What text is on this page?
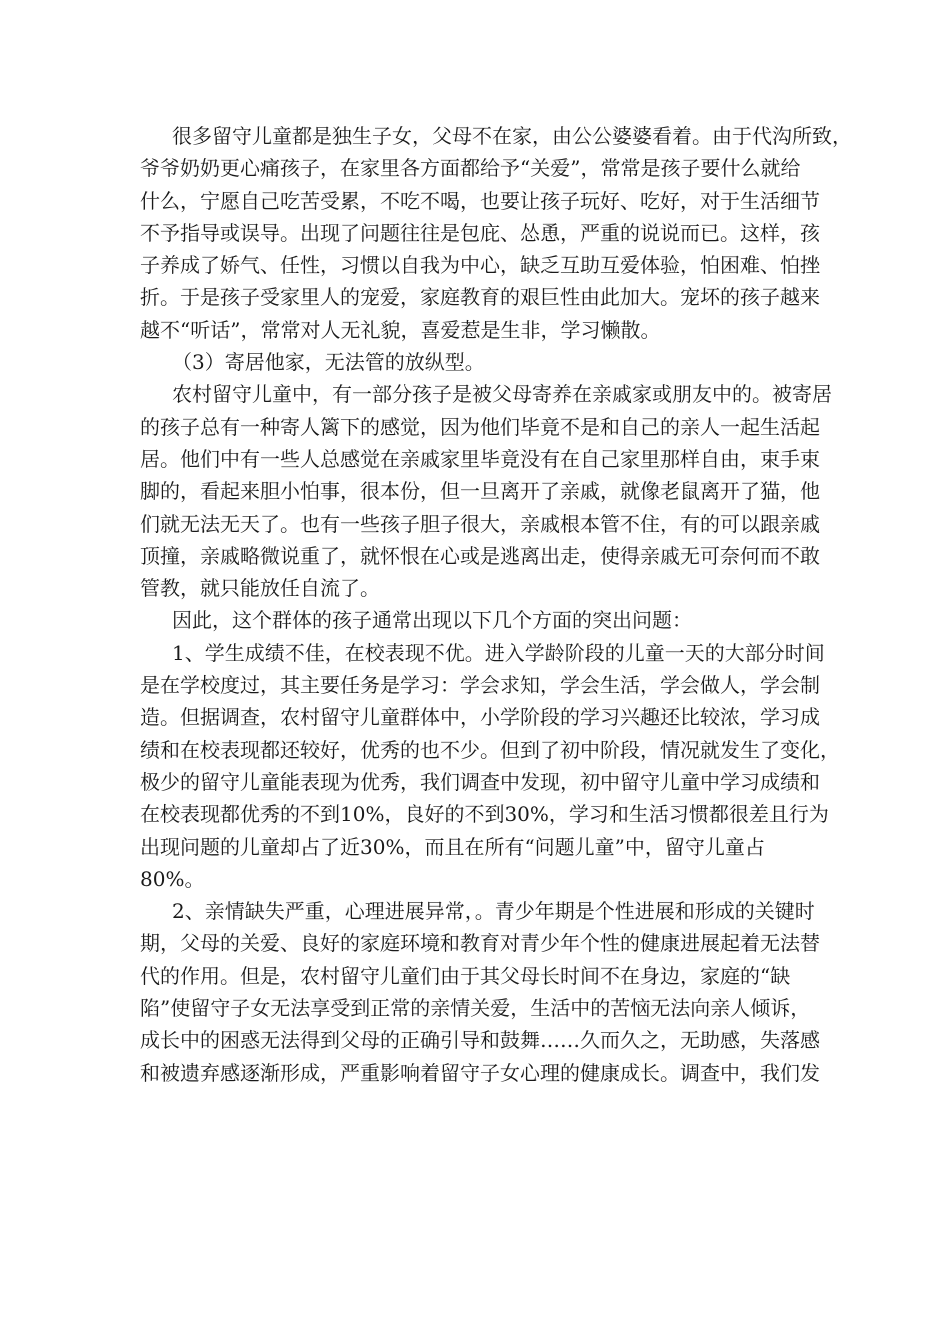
很多留守儿童都是独生子女，父母不在家，由公公婆婆看着。由于代沟所致，
爷爷奶奶更心痛孩子，在家里各方面都给予“关爱”，常常是孩子要什么就给
什么，宁愿自己吃苦受累，不吃不喝，也要让孩子玩好、吃好，对于生活细节
不予指导或误导。出现了问题往往是包庇、怂恿，严重的说说而已。这样，孩
子养成了娇气、任性，习惯以自我为中心，缺乏互助互爱体验，怕困难、怕挫
折。于是孩子受家里人的宠爱，家庭教育的艰巨性由此加大。宠坏的孩子越来
越不“听话”，常常对人无礼貌，喜爱惹是生非，学习懒散。
（3）寄居他家，无法管的放纵型。
农村留守儿童中，有一部分孩子是被父母寄养在亲戚家或朋友中的。被寄居
的孩子总有一种寄人篱下的感觉，因为他们毕竟不是和自己的亲人一起生活起
居。他们中有一些人总感觉在亲戚家里毕竟没有在自己家里那样自由，束手束
脚的，看起来胆小怕事，很本份，但一旦离开了亲戚，就像老鼠离开了猫，他
们就无法无天了。也有一些孩子胆子很大，亲戚根本管不住，有的可以跟亲戚
顶撞，亲戚略微说重了，就怀恨在心或是逃离出走，使得亲戚无可奈何而不敢
管教，就只能放任自流了。
因此，这个群体的孩子通常出现以下几个方面的突出问题：
1、学生成绩不佳，在校表现不优。进入学龄阶段的儿童一天的大部分时间
是在学校度过，其主要任务是学习：学会求知，学会生活，学会做人，学会制
造。但据调查，农村留守儿童群体中，小学阶段的学习兴趣还比较浓，学习成
绩和在校表现都还较好，优秀的也不少。但到了初中阶段，情况就发生了变化，
极少的留守儿童能表现为优秀，我们调查中发现，初中留守儿童中学习成绩和
在校表现都优秀的不到10%，良好的不到30%，学习和生活习惯都很差且行为
出现问题的儿童却占了近30%，而且在所有“问题儿童”中，留守儿童占
80%。
2、亲情缺失严重，心理进展异常，。青少年期是个性进展和形成的关键时
期，父母的关爱、良好的家庭环境和教育对青少年个性的健康进展起着无法替
代的作用。但是，农村留守儿童们由于其父母长时间不在身边，家庭的“缺
陷”使留守子女无法享受到正常的亲情关爱，生活中的苦恼无法向亲人倾诉，
成长中的困惑无法得到父母的正确引导和鼓舞……久而久之，无助感，失落感
和被遗弃感逐渐形成，严重影响着留守子女心理的健康成长。调查中，我们发
